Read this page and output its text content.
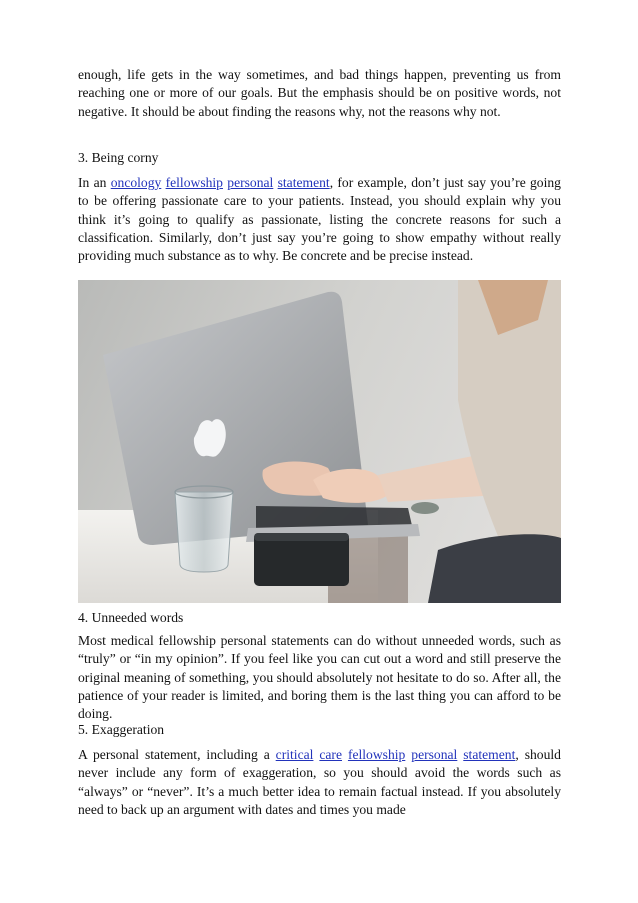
enough, life gets in the way sometimes, and bad things happen, preventing us from reaching one or more of our goals. But the emphasis should be on positive words, not negative. It should be about finding the reasons why, not the reasons why not.

3. Being corny

In an oncology fellowship personal statement, for example, don’t just say you’re going to be offering passionate care to your patients. Instead, you should explain why you think it’s going to qualify as passionate, listing the concrete reasons for such a classification. Similarly, don’t just say you’re going to show empathy without really providing much substance as to why. Be concrete and be precise instead.

4. Unneeded words

Most medical fellowship personal statements can do without unneeded words, such as “truly” or “in my opinion”. If you feel like you can cut out a word and still preserve the original meaning of something, you should absolutely not hesitate to do so. After all, the patience of your reader is limited, and boring them is the last thing you can afford to be doing.

5. Exaggeration

A personal statement, including a critical care fellowship personal statement, should never include any form of exaggeration, so you should avoid the words such as “always” or “never”. It’s a much better idea to remain factual instead. If you absolutely need to back up an argument with dates and times you made
